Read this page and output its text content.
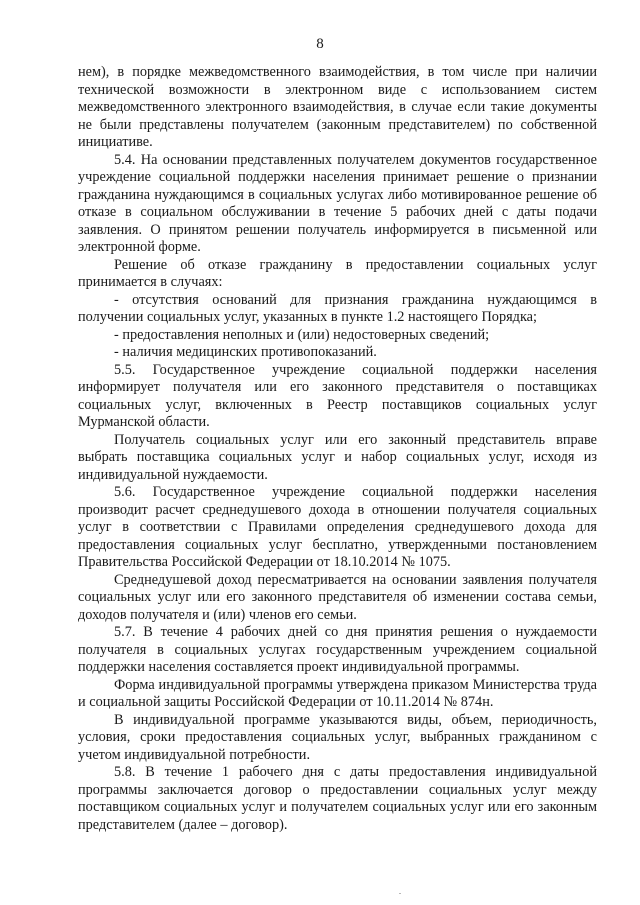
8

нем), в порядке межведомственного взаимодействия, в том числе при наличии технической возможности в электронном виде с использованием систем межведомственного электронного взаимодействия, в случае если такие документы не были представлены получателем (законным представителем) по собственной инициативе.

5.4. На основании представленных получателем документов государственное учреждение социальной поддержки населения принимает решение о признании гражданина нуждающимся в социальных услугах либо мотивированное решение об отказе в социальном обслуживании в течение 5 рабочих дней с даты подачи заявления. О принятом решении получатель информируется в письменной или электронной форме.

Решение об отказе гражданину в предоставлении социальных услуг принимается в случаях:

- отсутствия оснований для признания гражданина нуждающимся в получении социальных услуг, указанных в пункте 1.2 настоящего Порядка;

- предоставления неполных и (или) недостоверных сведений;

- наличия медицинских противопоказаний.

5.5. Государственное учреждение социальной поддержки населения информирует получателя или его законного представителя о поставщиках социальных услуг, включенных в Реестр поставщиков социальных услуг Мурманской области.

Получатель социальных услуг или его законный представитель вправе выбрать поставщика социальных услуг и набор социальных услуг, исходя из индивидуальной нуждаемости.

5.6. Государственное учреждение социальной поддержки населения производит расчет среднедушевого дохода в отношении получателя социальных услуг в соответствии с Правилами определения среднедушевого дохода для предоставления социальных услуг бесплатно, утвержденными постановлением Правительства Российской Федерации от 18.10.2014 № 1075.

Среднедушевой доход пересматривается на основании заявления получателя социальных услуг или его законного представителя об изменении состава семьи, доходов получателя и (или) членов его семьи.

5.7. В течение 4 рабочих дней со дня принятия решения о нуждаемости получателя в социальных услугах государственным учреждением социальной поддержки населения составляется проект индивидуальной программы.

Форма индивидуальной программы утверждена приказом Министерства труда и социальной защиты Российской Федерации от 10.11.2014 № 874н.

В индивидуальной программе указываются виды, объем, периодичность, условия, сроки предоставления социальных услуг, выбранных гражданином с учетом индивидуальной потребности.

5.8. В течение 1 рабочего дня с даты предоставления индивидуальной программы заключается договор о предоставлении социальных услуг между поставщиком социальных услуг и получателем социальных услуг или его законным представителем (далее – договор).
